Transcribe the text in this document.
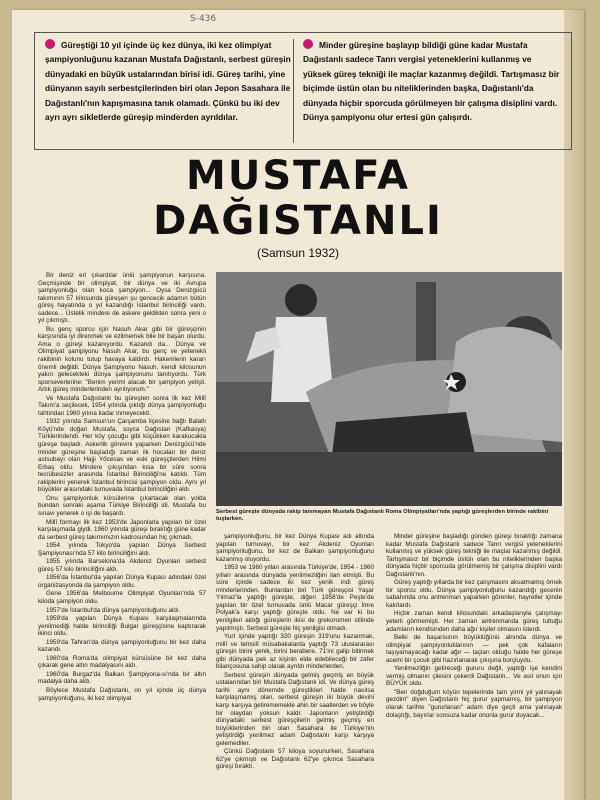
S-436
Güreştiği 10 yıl içinde üç kez dünya, iki kez olimpiyat şampiyonluğunu kazanan Mustafa Dağıstanlı, serbest güreşin dünyadaki en büyük ustalarından birisi idi. Güreş tarihi, yine dünyanın sayılı serbestçilerinden biri olan Jepon Sasahara ile Dağıstanlı'nın kapışmasına tanık olamadı. Çünkü bu iki dev ayrı ayrı sikletlerde güreşip minderden ayrıldılar.
Minder güreşine başlayıp bildiği güne kadar Mustafa Dağıstanlı sadece Tanrı vergisi yeteneklerini kullanmış ve yüksek güreş tekniği ile maçlar kazanmış değildi. Tartışmasız bir biçimde üstün olan bu niteliklerinden başka, Dağıstanlı'da dünyada hiçbir sporcuda görülmeyen bir çalışma disiplini vardı. Dünya şampiyonu olur ertesi gün çalışırdı.
MUSTAFA
DAĞISTANLI
(Samsun 1932)

Bir deniz eri çıkardılar ünlü şampiyonun karşısına. Geçmişinde bir olimpiyat, bir dünya ve iki Avrupa şampiyonluğu olan koca şampiyon... Oysa Denizgücü takımının 57 kilosunda güreşen şu gencecik adamın bütün güreş hayatında o yıl kazandığı İstanbul birinciliği vardı, sadece... Üstelik mindere de askere geldikten sonra yeni o yıl çıkmıştı.

Bu genç sporcu için Nasuh Akar gibi bir güreşçinin karşısında iyi direnmek ve ezilmemek bile bir başarı olurdu. Ama o güreşi kazanıyordu. Kazandı da... Dünya ve Olimpiyat şampiyonu Nasuh Akar, bu genç ve yetenekli rakibinin kolunu tutup havaya kaldırdı. Hakemlerin kararı önemli değildi. Dünya Şampiyonu Nasuh, kendi kilosunun yakın gelecekteki dünya şampiyonunu tanıtıyordu. Türk sporseverlerine: "Benim yerimi alacak bir şampiyon yetişti. Artık güreş minderlerinden ayrılıyorum."

Ve Mustafa Dağıstanlı bu güreşten sonra ilk kez Millî Takım'a seçilecek, 1954 yılında çıktığı dünya şampiyonluğu tahtından 1960 yılına kadar inmeyecekti.

1932 yılında Samsun'un Çarşamba ilçesine bağlı Balatlı Köyü'nde doğan Mustafa, soyca Dağıstan (Kafkasya) Türklerindendi. Her köy çocuğu gibi küçükken karakucakla güreşe başladı. Askerlik görevini yaparken Denizgücü'nde minder güreşine başladığı zaman ilk hocaları bir deniz astsubayı olan Hajji Yöcesas ve eski güreşçilerden Hilmi Erbaş oldu. Mindere çıkışından kısa bir süre sonra tecrübesizler arasında İstanbul Birinciliği'ne katıldı. Tüm rakiplerini yenerek İstanbul birincisi şampiyon oldu. Aynı yıl büyükler arasındaki turnuvada İstanbul birinciliğini aldı.

Onu şampiyonluk kürsülerine çıkartacak olan yolda bundan sonraki aşama Türkiye Birinciliği idi. Mustafa bu sınavı yenerek o işi de başardı.

Millî formayı ilk kez 1953'de Japonlarla yapılan bir özel karşılaşmada giydi. 1960 yılında güreşi bıraktığı güne kadar da serbest güreş takımımızın kadrosundan hiç çıkmadı.

1954 yılında Tokyo'da yapılan Dünya Serbest Şampiyonası'nda 57 kilo birinciliğini aldı.

1955 yılında Barselona'da Akdeniz Oyunları serbest güreş 57 kilo birinciliğini aldı.

1956'da İstanbul'da yapılan Dünya Kupası adındaki özel organizasyonda da şampiyon oldu.

Gene 1956'da Melbourne Olimpiyat Oyunları'nda 57 kiloda şampiyon oldu.

1957'de İstanbul'da dünya şampiyonluğunu aldı.

1959'da yapılan Dünya Kupası karşılaşmalarında yenilmediği halde birinciliği Bulgar güreşçisine kaptırarak ikinci oldu.

1959'da Tahran'da dünya şampiyonluğunu bir kez daha kazandı.

1960'da Roma'da olimpiyat kürsüsüne bir kez daha çıkarak gene altın madalyasını aldı.

1960'da Burgaz'da Balkan Şampiyona-sı'nda bir altın madalya daha aldı.

Böylece Mustafa Dağıstanlı, on yıl içinde üç dünya şampiyonluğunu, iki kez olimpiyat

Serbest güreşte dünyada rakip tanımayan Mustafa Dağıstanlı Roma Olimpiyatları'nda yaptığı güreşlerden birinde rakibini tuşlarken.

şampiyonluğunu, bir kez Dünya Kupası adı altında yapılan turnuvayı, bir kez Akdeniz Oyunları şampiyonluğunu, bir kez de Balkan şampiyonluğunu kazanmış oluyordu.

1953 ve 1960 yılları arasında Türkiye'de, 1954 - 1960 yılları arasında dünyada yenilmezliğini ilan etmişti. Bu süre içinde sadece iki kez yenik indi güreş minderlerinden. Bunlardan biri Türk güreşçisi Yaşar Yılmaz'la yaptığı güreşte, diğeri 1958'de Peşte'de yapılan bir özel turnuvada ünlü Macar güreşçi İmre Polyak'a karşı yaptığı güreşte oldu. Ne var ki bu yenilgileri aldığı güreşlerin ikisi de grekoromen stilinde yapılmıştı. Serbest güreşte hiç yenilgisi olmadı.

Yurt içinde yaptığı 320 güreşin 319'unu kazanmak, millî ve temsilî müsabakalarda yaptığı 73 uluslararası güreşin birini yenik, birini berabere, 71'ini galip bitirmek gibi dünyada pek az kişinin elde edebileceği bir zafer bilançosuna sahip olarak ayrıldı minderlerden.

Serbest güreşin dünyada gelmiş geçmiş en büyük ustalarından biri Mustafa Dağıstanlı idi. Ve dünya güreş tarihi aynı dönemde güreştikleri halde nasılsa karşılaşmamış olan, serbest güreşin iki büyük devini karşı karşıya getirememekle ahin bir saatlerden ve böyle bir olaydan yoksun kaldı: Japonların yetiştirdiği dünyadaki serbest güreşçilerin gelmiş geçmiş en büyüklerinden biri olan Sasahara ile Türkiye'nin yetiştirdiği yenilmez adam Dağıstanlı karşı karşıya gelemediler.

Çünkü Dağıstanlı 57 kiloya soyunurken, Sasahara 62'ye çıkmıştı ve Dağıstanlı 62'ye çıkınca Sasahara güreşi bıraktı.

Minder güreşine başladığı günden güreşi bıraktığı zamana kadar Mustafa Dağıstanlı sadece Tanrı vergisi yeteneklerini kullanmış ve yüksek güreş tekniği ile maçlar kazanmış değildi. Tartışmasız bir biçimde üstün olan bu niteliklerinden başka dünyada hiçbir sporcuda görülmemiş bir çalışma disiplini vardı Dağıstanlı'nın.

Güreş yaptığı yıllarda bir kez çalışmasını aksatmamış örnek bir sporcu oldu. Dünya şampiyonluğunu kazandığı gecenin sabahında onu antrenman yaparken görenler, hayretler içinde kalırlardı.

Hiçbir zaman kendi kilosundaki arkadaşlarıyla çalışmayı yeterli görmemişti. Her zaman antrenmanda güreş tuttuğu adamların kendisinden daha ağır kişiler olmasını isterdi.

Belki de başarısının büyüklüğünü alnında dünya ve olimpiyat şampiyonluklarının — pek çok kafaların taşıyamayacağı kadar ağır — taçları olduğu halde her güreşe acemi bir çocuk gibi hazırlanarak çıkışına borçluydu.

Yenilmezliğin getireceği gururu değil, yaptığı işe kendini vermiş olmanın çilesini çekerdi Dağıstanlı... Ve asıl onun için BÜYÜK oldu.

"Ben doğduğum köyün tepelerinde tam yirmi yıl yalınayak gezdim" diyen Dağıstanlı hiç gurur yapmamış, bir şampiyon olarak tarihte "gururlanan" adam diye geçti ama yalınayak dolaştığı, bayırlar sonsuza kadar onunla gurur duyacak...
